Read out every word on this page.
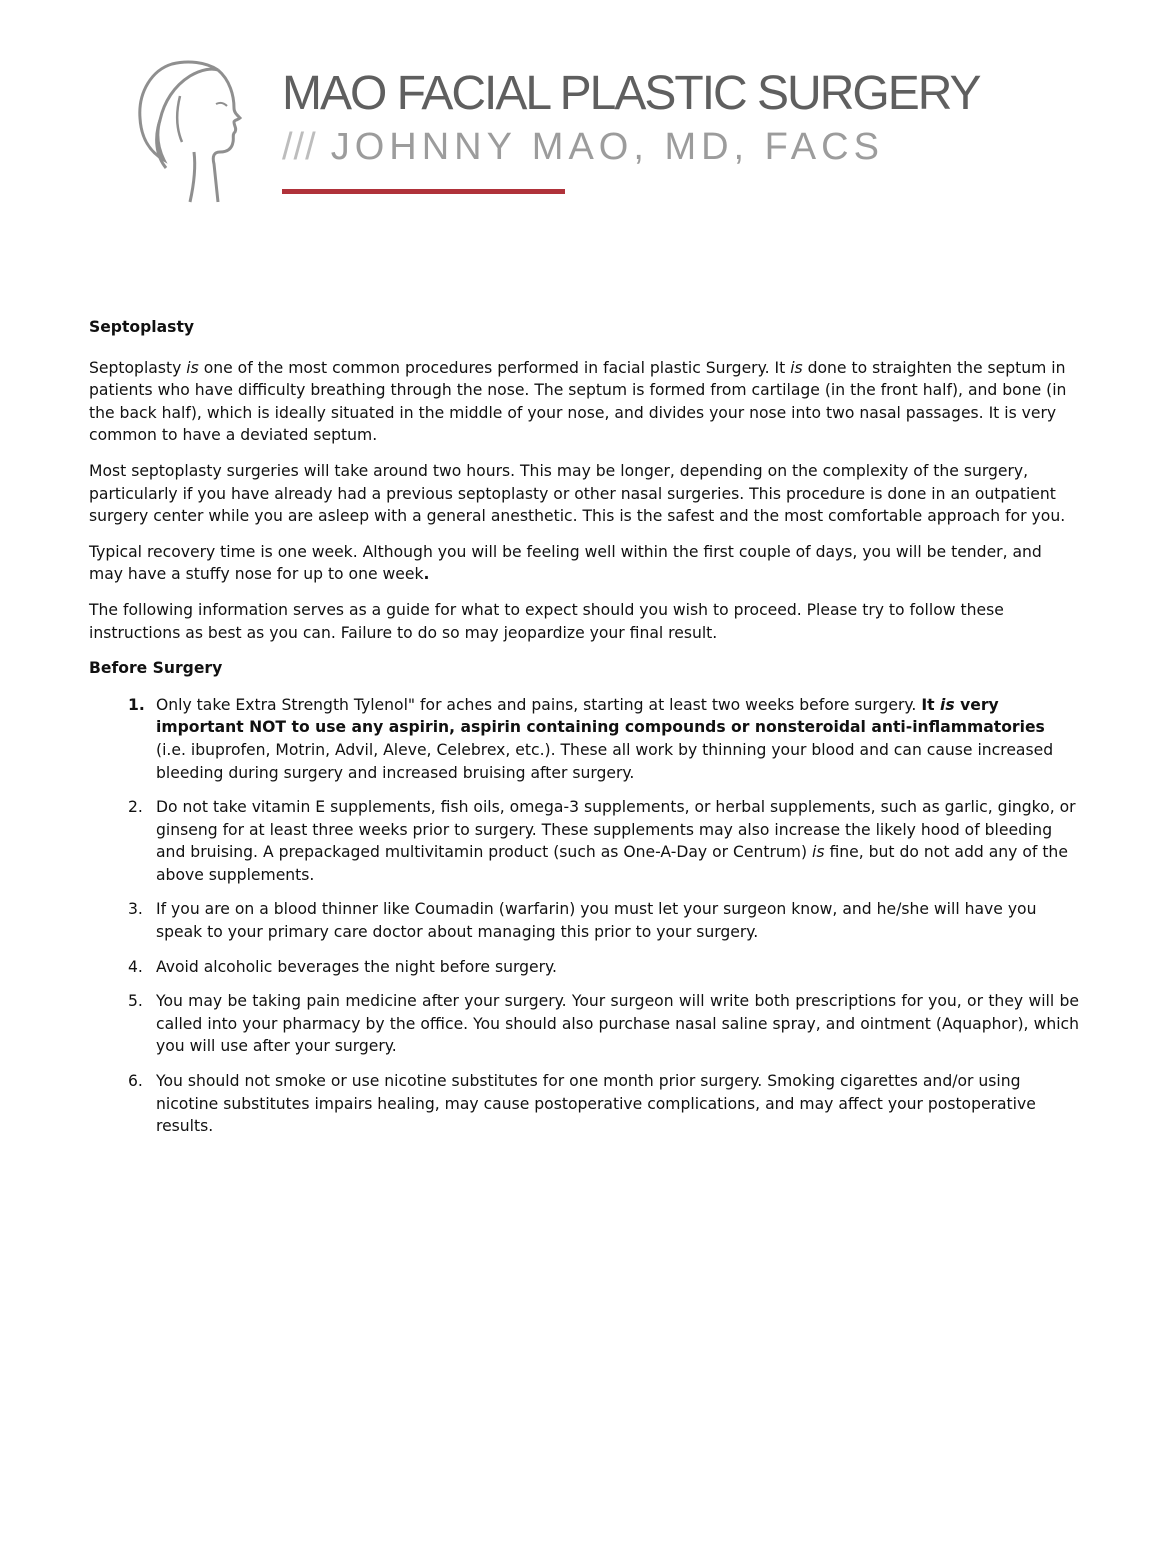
MAO FACIAL PLASTIC SURGERY
/// JOHNNY MAO, MD, FACS
Septoplasty

Septoplasty is one of the most common procedures performed in facial plastic Surgery. It is done to straighten the septum in patients who have difficulty breathing through the nose. The septum is formed from cartilage (in the front half), and bone (in the back half), which is ideally situated in the middle of your nose, and divides your nose into two nasal passages. It is very common to have a deviated septum.

Most septoplasty surgeries will take around two hours. This may be longer, depending on the complexity of the surgery, particularly if you have already had a previous septoplasty or other nasal surgeries. This procedure is done in an outpatient surgery center while you are asleep with a general anesthetic. This is the safest and the most comfortable approach for you.

Typical recovery time is one week. Although you will be feeling well within the first couple of days, you will be tender, and may have a stuffy nose for up to one week.

The following information serves as a guide for what to expect should you wish to proceed. Please try to follow these instructions as best as you can. Failure to do so may jeopardize your final result.

Before Surgery
1. Only take Extra Strength Tylenol" for aches and pains, starting at least two weeks before surgery. It is very important NOT to use any aspirin, aspirin containing compounds or nonsteroidal anti-inflammatories (i.e. ibuprofen, Motrin, Advil, Aleve, Celebrex, etc.). These all work by thinning your blood and can cause increased bleeding during surgery and increased bruising after surgery.
2. Do not take vitamin E supplements, fish oils, omega-3 supplements, or herbal supplements, such as garlic, gingko, or ginseng for at least three weeks prior to surgery. These supplements may also increase the likely hood of bleeding and bruising. A prepackaged multivitamin product (such as One-A-Day or Centrum) is fine, but do not add any of the above supplements.
3. If you are on a blood thinner like Coumadin (warfarin) you must let your surgeon know, and he/she will have you speak to your primary care doctor about managing this prior to your surgery.
4. Avoid alcoholic beverages the night before surgery.
5. You may be taking pain medicine after your surgery. Your surgeon will write both prescriptions for you, or they will be called into your pharmacy by the office. You should also purchase nasal saline spray, and ointment (Aquaphor), which you will use after your surgery.
6. You should not smoke or use nicotine substitutes for one month prior surgery. Smoking cigarettes and/or using nicotine substitutes impairs healing, may cause postoperative complications, and may affect your postoperative results.
